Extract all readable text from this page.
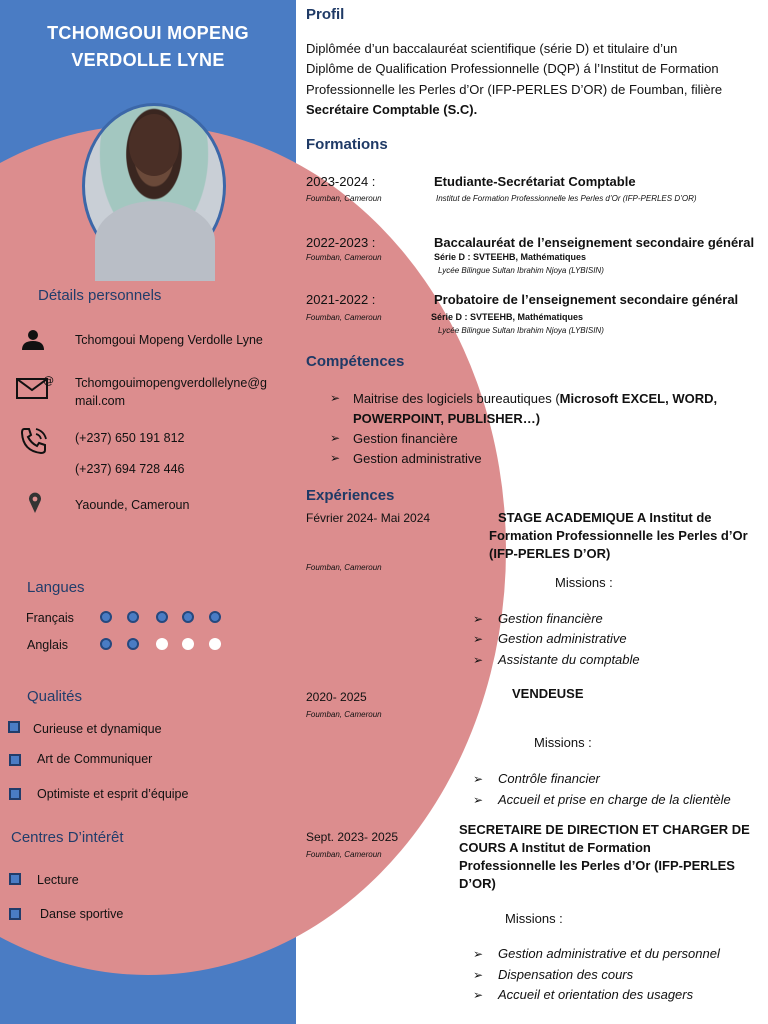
TCHOMGOUI MOPENG
VERDOLLE LYNE
Détails personnels
Tchomgoui Mopeng Verdolle Lyne
@ Tchomgouimopengverdollelyne@g
mail.com
(+237) 650 191 812
(+237) 694 728 446
Yaounde, Cameroun
Langues
Français
Anglais
Qualités
Curieuse et dynamique
Art de Communiquer
Optimiste et esprit d’équipe
Centres D’intérêt
Lecture
Danse sportive
Profil
Diplômée d’un baccalauréat scientifique (série D) et titulaire d’un
Diplôme de Qualification Professionnelle (DQP) á l’Institut de Formation
Professionnelle les Perles d’Or (IFP-PERLES D’OR) de Foumban, filière
Secrétaire Comptable (S.C).
Formations
2023-2024 :
Foumban, Cameroun
Etudiante-Secrétariat Comptable
Institut de Formation Professionnelle les Perles d’Or (IFP-PERLES D’OR)
2022-2023 :
Foumban, Cameroun
Baccalauréat de l’enseignement secondaire général
Série D : SVTEEHB, Mathématiques
Lycée Bilingue Sultan Ibrahim Njoya (LYBISIN)
2021-2022 :
Foumban, Cameroun
Probatoire de l’enseignement secondaire général
Série D : SVTEEHB, Mathématiques
Lycée Bilingue Sultan Ibrahim Njoya (LYBISIN)
Compétences
➢ Maitrise des logiciels bureautiques (Microsoft EXCEL, WORD,
POWERPOINT, PUBLISHER…)
➢ Gestion financière
➢ Gestion administrative
Expériences
Février 2024- Mai 2024
Foumban, Cameroun
STAGE ACADEMIQUE A Institut de
Formation Professionnelle les Perles d’Or
(IFP-PERLES D’OR)
Missions :
➢ Gestion financière
➢ Gestion administrative
➢ Assistante du comptable
2020- 2025
Foumban, Cameroun
VENDEUSE
Missions :
➢ Contrôle financier
➢ Accueil et prise en charge de la clientèle
Sept. 2023- 2025
Foumban, Cameroun
SECRETAIRE DE DIRECTION ET CHARGER DE
COURS A Institut de Formation
Professionnelle les Perles d’Or (IFP-PERLES
D’OR)
Missions :
➢ Gestion administrative et du personnel
➢ Dispensation des cours
➢ Accueil et orientation des usagers
